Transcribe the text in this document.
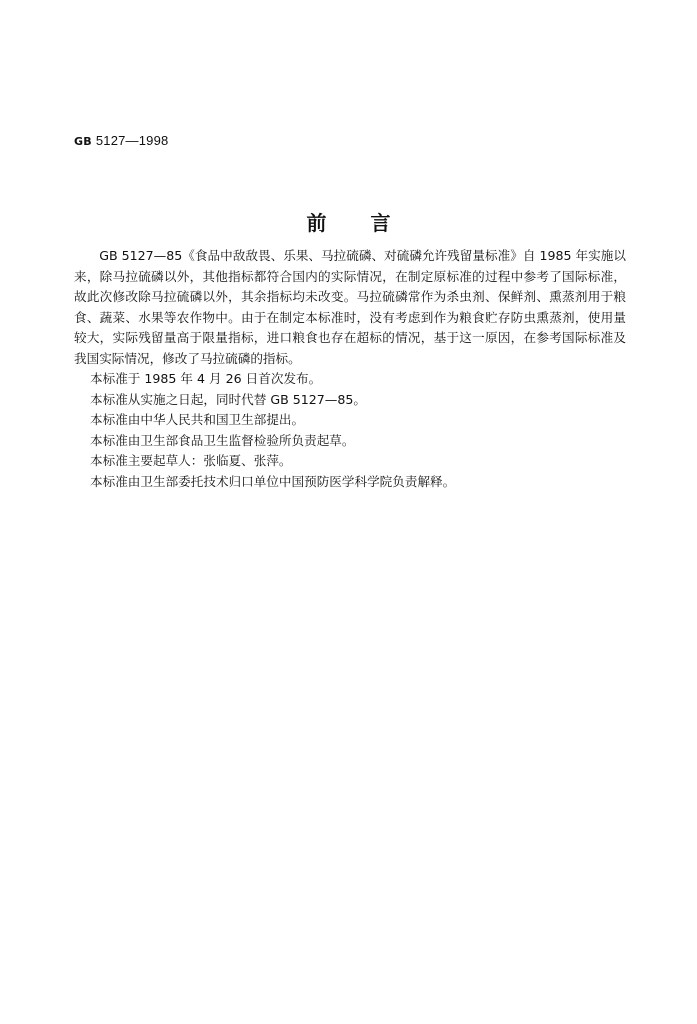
GB 5127—1998
前言

GB 5127—85《食品中敌敌畏、乐果、马拉硫磷、对硫磷允许残留量标准》自 1985 年实施以来，除马拉硫磷以外，其他指标都符合国内的实际情况，在制定原标准的过程中参考了国际标准，故此次修改除马拉硫磷以外，其余指标均未改变。马拉硫磷常作为杀虫剂、保鲜剂、熏蒸剂用于粮食、蔬菜、水果等农作物中。由于在制定本标准时，没有考虑到作为粮食贮存防虫熏蒸剂，使用量较大，实际残留量高于限量指标，进口粮食也存在超标的情况，基于这一原因，在参考国际标准及我国实际情况，修改了马拉硫磷的指标。

本标准于 1985 年 4 月 26 日首次发布。

本标准从实施之日起，同时代替 GB 5127—85。

本标准由中华人民共和国卫生部提出。

本标准由卫生部食品卫生监督检验所负责起草。

本标准主要起草人：张临夏、张萍。

本标准由卫生部委托技术归口单位中国预防医学科学院负责解释。
